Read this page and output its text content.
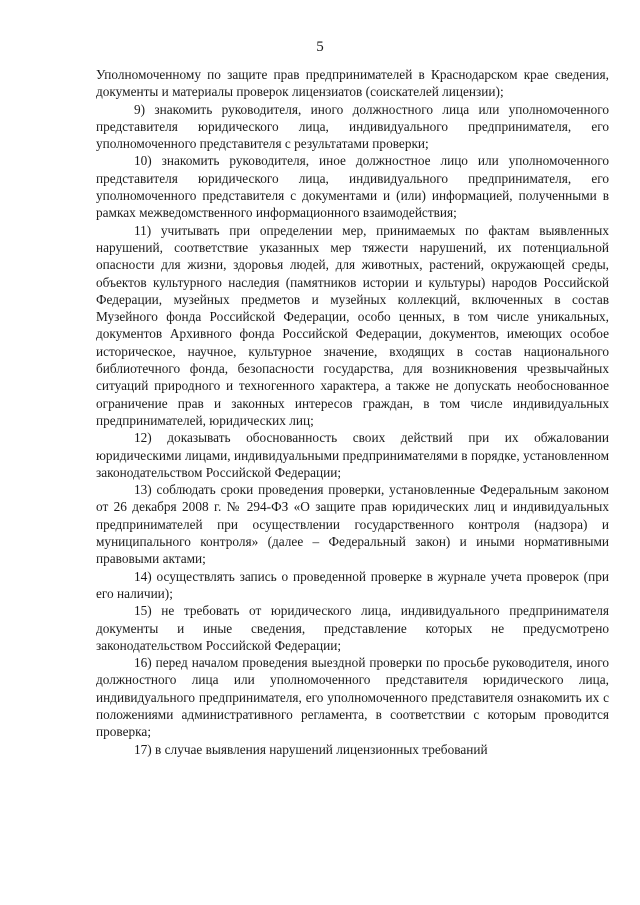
5

Уполномоченному по защите прав предпринимателей в Краснодарском крае сведения, документы и материалы проверок лицензиатов (соискателей лицензии);

9) знакомить руководителя, иного должностного лица или уполномоченного представителя юридического лица, индивидуального предпринимателя, его уполномоченного представителя с результатами проверки;

10) знакомить руководителя, иное должностное лицо или уполномоченного представителя юридического лица, индивидуального предпринимателя, его уполномоченного представителя с документами и (или) информацией, полученными в рамках межведомственного информационного взаимодействия;

11) учитывать при определении мер, принимаемых по фактам выявленных нарушений, соответствие указанных мер тяжести нарушений, их потенциальной опасности для жизни, здоровья людей, для животных, растений, окружающей среды, объектов культурного наследия (памятников истории и культуры) народов Российской Федерации, музейных предметов и музейных коллекций, включенных в состав Музейного фонда Российской Федерации, особо ценных, в том числе уникальных, документов Архивного фонда Российской Федерации, документов, имеющих особое историческое, научное, культурное значение, входящих в состав национального библиотечного фонда, безопасности государства, для возникновения чрезвычайных ситуаций природного и техногенного характера, а также не допускать необоснованное ограничение прав и законных интересов граждан, в том числе индивидуальных предпринимателей, юридических лиц;

12) доказывать обоснованность своих действий при их обжаловании юридическими лицами, индивидуальными предпринимателями в порядке, установленном законодательством Российской Федерации;

13) соблюдать сроки проведения проверки, установленные Федеральным законом от 26 декабря 2008 г. № 294-ФЗ «О защите прав юридических лиц и индивидуальных предпринимателей при осуществлении государственного контроля (надзора) и муниципального контроля» (далее – Федеральный закон) и иными нормативными правовыми актами;

14) осуществлять запись о проведенной проверке в журнале учета проверок (при его наличии);

15) не требовать от юридического лица, индивидуального предпринимателя документы и иные сведения, представление которых не предусмотрено законодательством Российской Федерации;

16) перед началом проведения выездной проверки по просьбе руководителя, иного должностного лица или уполномоченного представителя юридического лица, индивидуального предпринимателя, его уполномоченного представителя ознакомить их с положениями административного регламента, в соответствии с которым проводится проверка;

17) в случае выявления нарушений лицензионных требований
